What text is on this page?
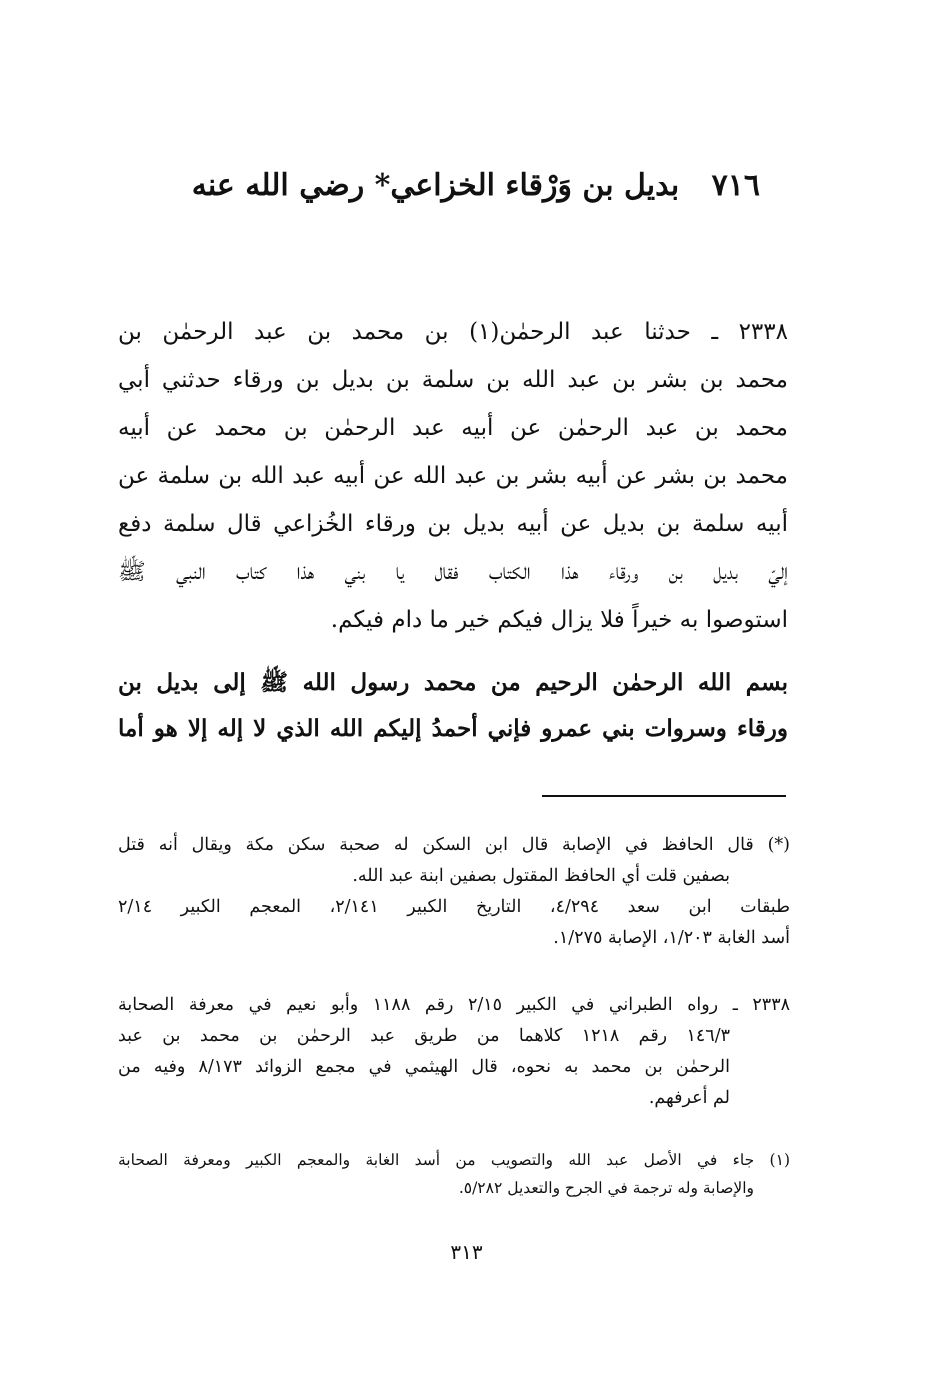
٧١٦ بديل بن وَرْقاء الخزاعي* رضي الله عنه
٢٣٣٨ ـ حدثنا عبد الرحمٰن(١) بن محمد بن عبد الرحمٰن بن
محمد بن بشر بن عبد الله بن سلمة بن بديل بن ورقاء حدثني أبي
محمد بن عبد الرحمٰن عن أبيه عبد الرحمٰن بن محمد عن أبيه
محمد بن بشر عن أبيه بشر بن عبد الله عن أبيه عبد الله بن سلمة عن
أبيه سلمة بن بديل عن أبيه بديل بن ورقاء الخُزاعي قال سلمة دفع
إليّ بديل بن ورقاء هذا الكتاب فقال يا بني هذا كتاب النبي ﷺ
استوصوا به خيراً فلا يزال فيكم خير ما دام فيكم.
بسم الله الرحمٰن الرحيم من محمد رسول الله ﷺ إلى بديل بن
ورقاء وسروات بني عمرو فإني أحمدُ إليكم الله الذي لا إله إلا هو أما
(*) قال الحافظ في الإصابة قال ابن السكن له صحبة سكن مكة ويقال أنه قتل
بصفين قلت أي الحافظ المقتول بصفين ابنة عبد الله.
طبقات ابن سعد ٤/٢٩٤، التاريخ الكبير ٢/١٤١، المعجم الكبير ٢/١٤
أسد الغابة ١/٢٠٣، الإصابة ١/٢٧٥.
٢٣٣٨ ـ رواه الطبراني في الكبير ٢/١٥ رقم ١١٨٨ وأبو نعيم في معرفة الصحابة
١٤٦/٣ رقم ١٢١٨ كلاهما من طريق عبد الرحمٰن بن محمد بن عبد
الرحمٰن بن محمد به نحوه، قال الهيثمي في مجمع الزوائد ٨/١٧٣ وفيه من
لم أعرفهم.
(١) جاء في الأصل عبد الله والتصويب من أسد الغابة والمعجم الكبير ومعرفة الصحابة
والإصابة وله ترجمة في الجرح والتعديل ٥/٢٨٢.
٣١٣
